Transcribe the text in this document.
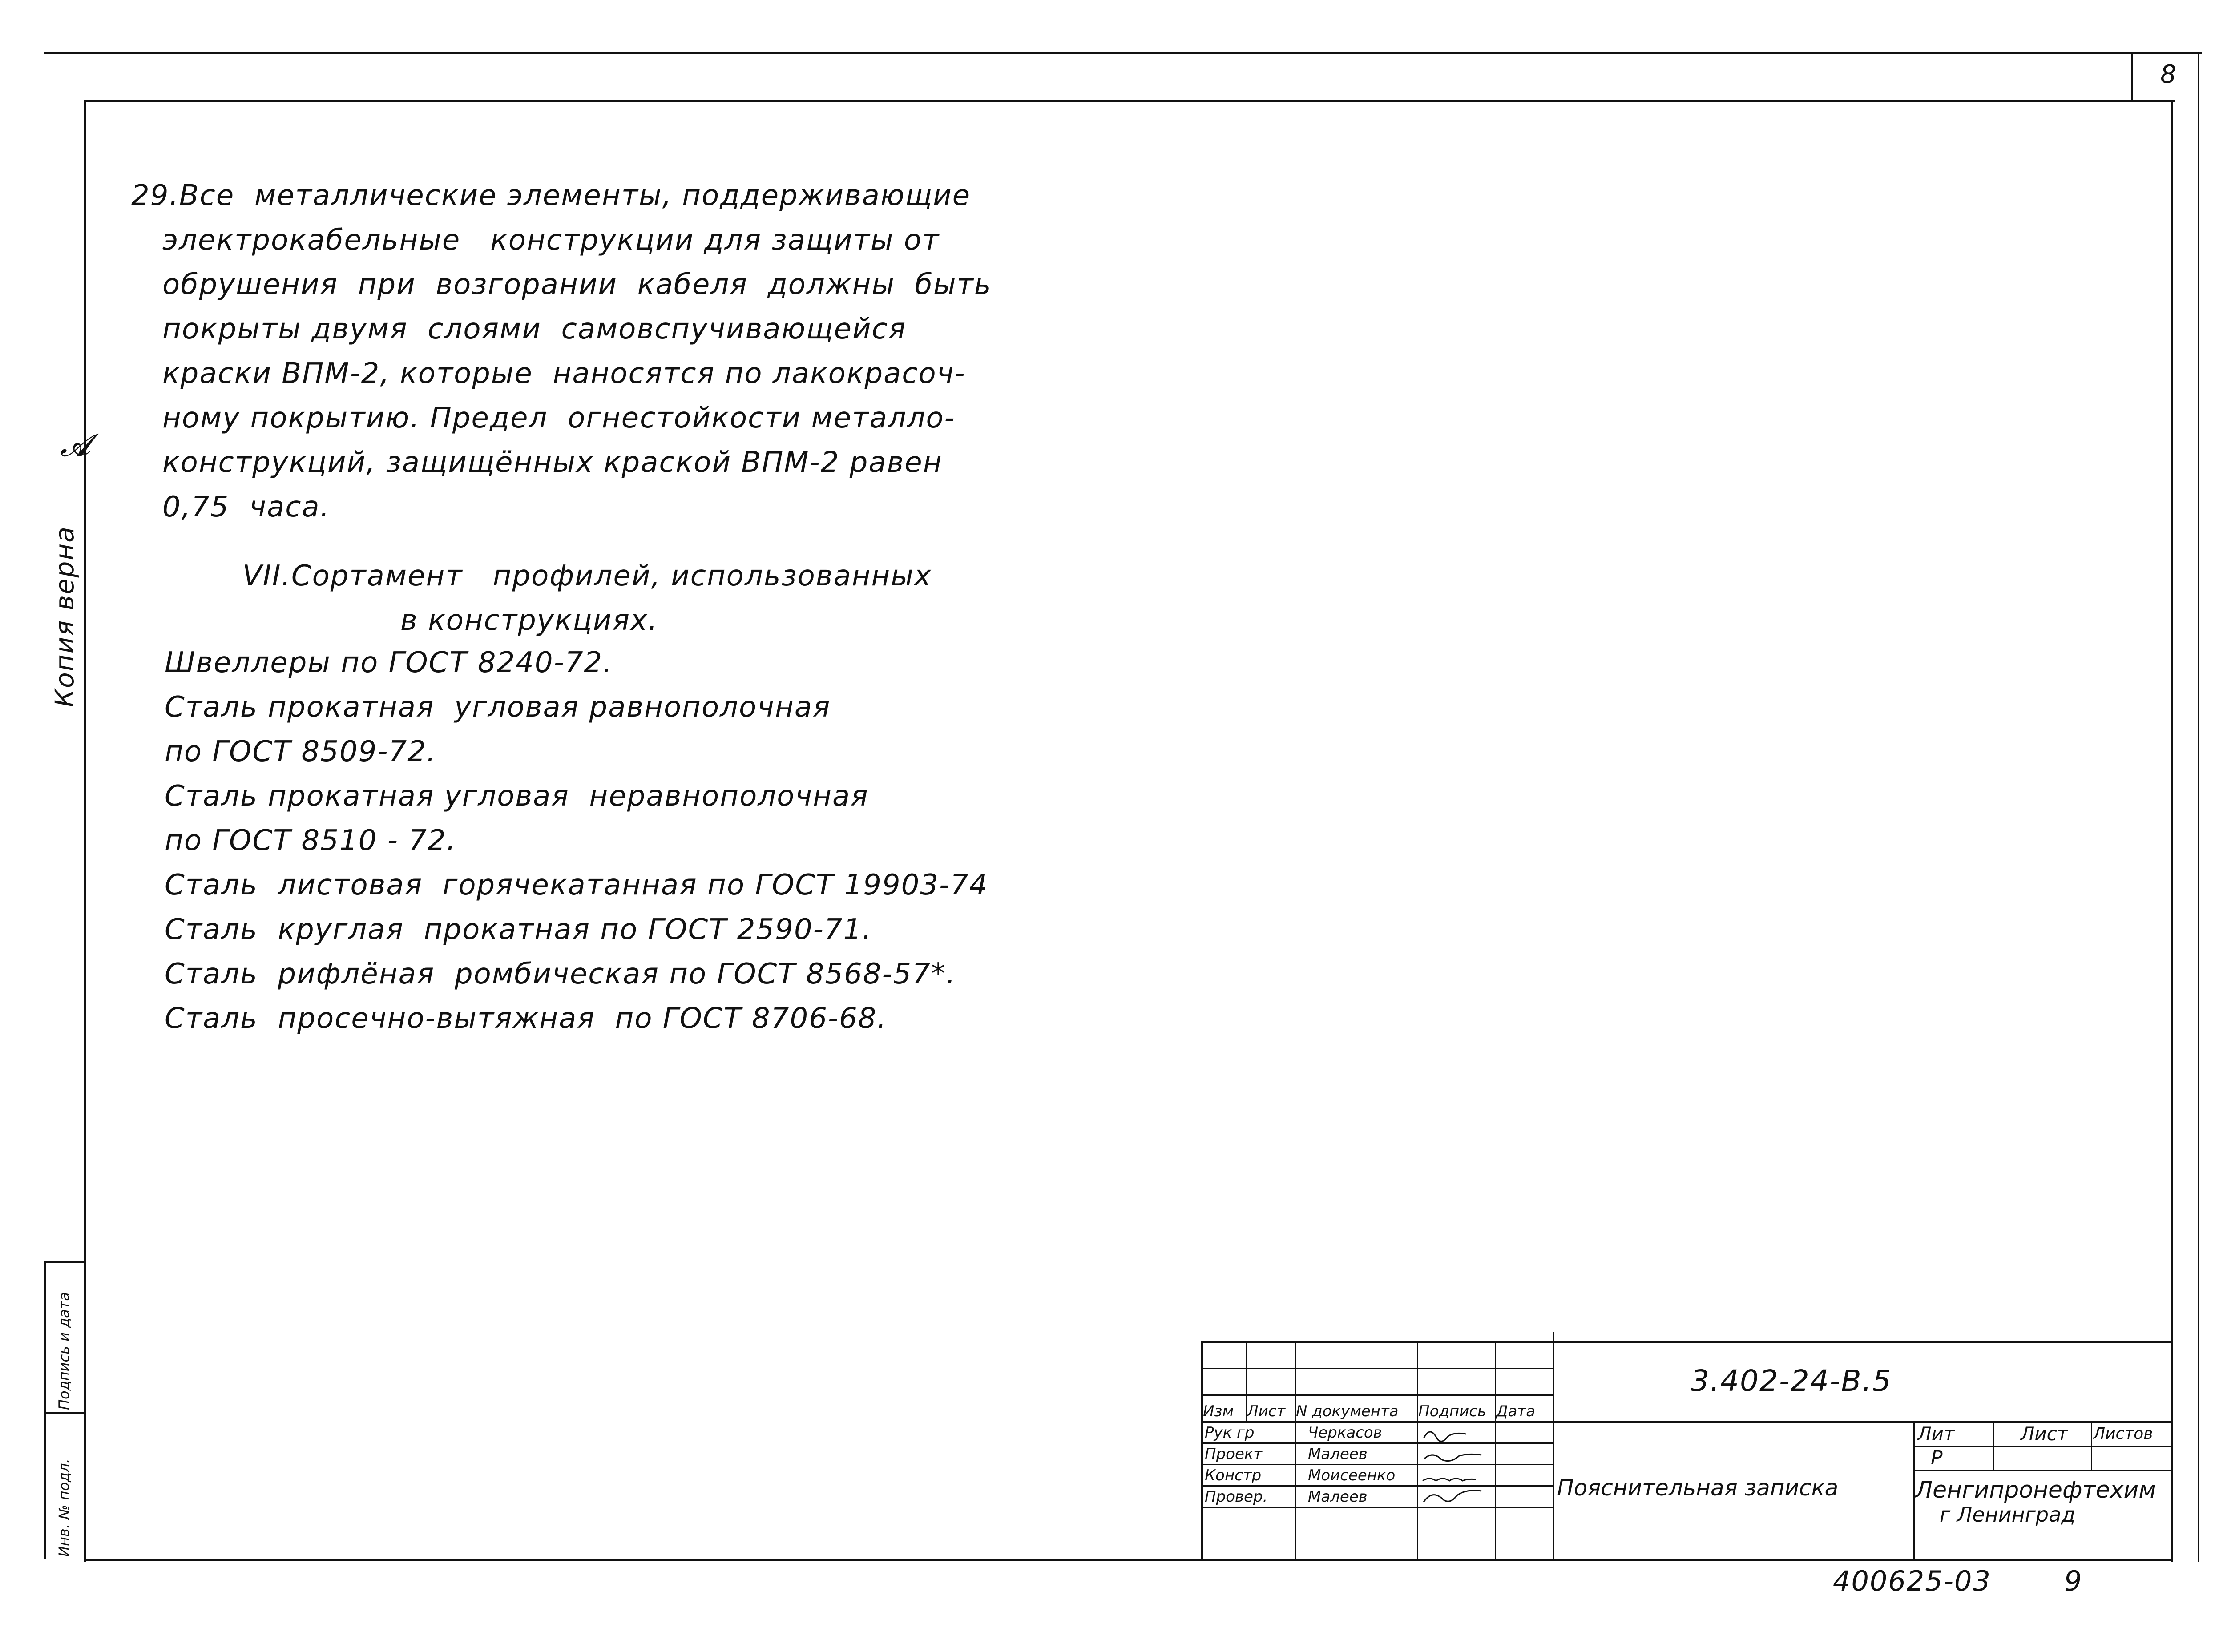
8
Копия верна
𝓐
Подпись и дата
Инв. № подл.
29.Все  металлические элементы, поддерживающие
электрокабельные   конструкции для защиты от
обрушения  при  возгорании  кабеля  должны  быть
покрыты двумя  слоями  самовспучивающейся
краски ВПМ-2, которые  наносятся по лакокрасоч-
ному покрытию. Предел  огнестойкости металло-
конструкций, защищённых краской ВПМ-2 равен
0,75  часа.
VII.Сортамент   профилей, использованных
в конструкциях.
Швеллеры по ГОСТ 8240-72.
Сталь прокатная  угловая равнополочная
по ГОСТ 8509-72.
Сталь прокатная угловая  неравнополочная
по ГОСТ 8510 - 72.
Сталь  листовая  горячекатанная по ГОСТ 19903-74
Сталь  круглая  прокатная по ГОСТ 2590-71.
Сталь  рифлёная  ромбическая по ГОСТ 8568-57*.
Сталь  просечно-вытяжная  по ГОСТ 8706-68.
Изм Лист N документа	Подпись Дата
Рук гр	Черкасов
Проект	Малеев
Констр	Моисеенко
Провер.	Малеев
3.402-24-В.5
Пояснительная записка
Лит	Лист	Листов
Р
Ленгипронефтехим
г Ленинград
400625-03	9
